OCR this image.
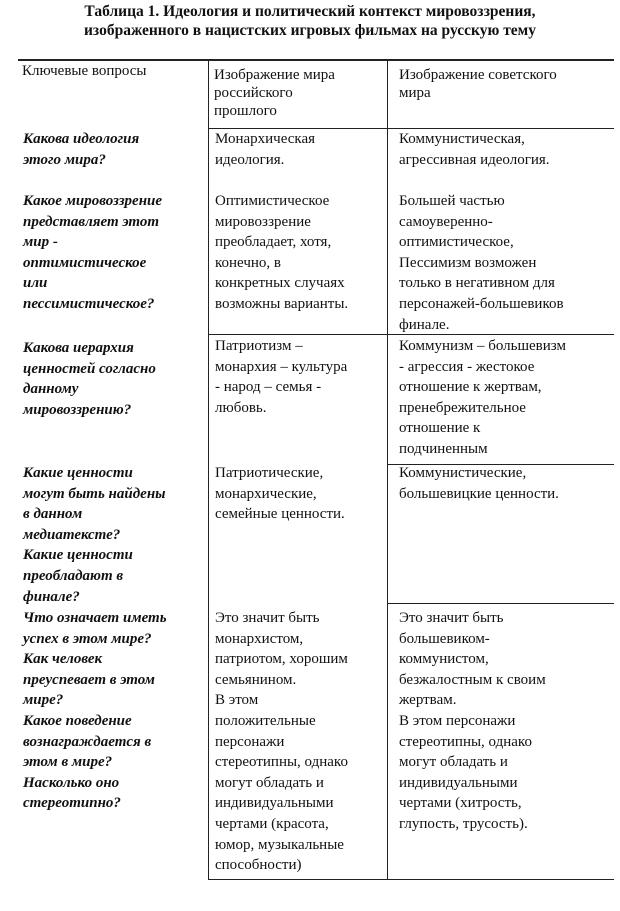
Таблица 1. Идеология и политический контекст мировоззрения,
изображенного в нацистских игровых фильмах на русскую тему
Ключевые вопросы	Изображение мира
российского
прошлого
Изображение советского
мира
Какова идеология
этого мира?
Монархическая
идеология.
Коммунистическая,
агрессивная идеология.
Какое мировоззрение
представляет этот
мир -
оптимистическое
или
пессимистическое?
Оптимистическое
мировоззрение
преобладает, хотя,
конечно, в
конкретных случаях
возможны варианты.
Большей частью
самоуверенно-
оптимистическое,
Пессимизм возможен
только в негативном для
персонажей-большевиков
финале.
Какова иерархия
ценностей согласно
данному
мировоззрению?
Патриотизм –
монархия – культура
- народ – семья -
любовь.
Коммунизм – большевизм
- агрессия - жестокое
отношение к жертвам,
пренебрежительное
отношение к
подчиненным
Какие ценности
могут быть найдены
в данном
медиатексте?
Какие ценности
преобладают в
финале?
Патриотические,
монархические,
семейные ценности.
Коммунистические,
большевицкие ценности.
Что означает иметь
успех в этом мире?
Как человек
преуспевает в этом
мире?
Какое поведение
вознаграждается в
этом в мире?
Насколько оно
стереотипно?
Это значит быть
монархистом,
патриотом, хорошим
семьянином.
В этом
положительные
персонажи
стереотипны, однако
могут обладать и
индивидуальными
чертами (красота,
юмор, музыкальные
способности)
Это значит быть
большевиком-
коммунистом,
безжалостным к своим
жертвам.
В этом персонажи
стереотипны, однако
могут обладать и
индивидуальными
чертами (хитрость,
глупость, трусость).
